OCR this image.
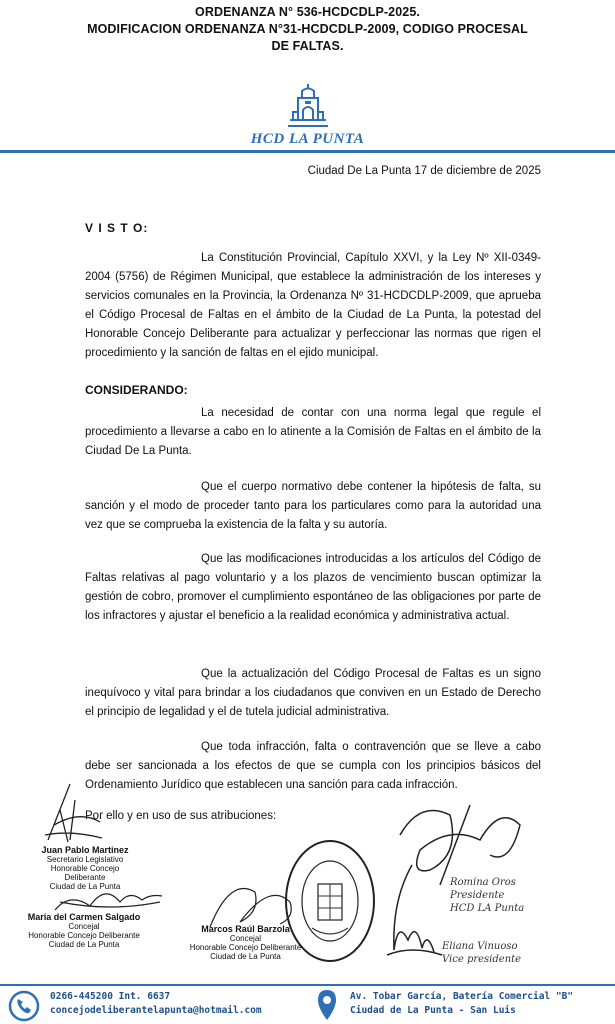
ORDENANZA N° 536-HCDCDLP-2025.
MODIFICACION ORDENANZA N°31-HCDCDLP-2009, CODIGO PROCESAL
DE FALTAS.
HCD LA PUNTA
Ciudad De La Punta 17 de diciembre de 2025
V I S T O:
La Constitución Provincial, Capítulo XXVI, y la Ley Nº XII-0349-2004 (5756) de Régimen Municipal, que establece la administración de los intereses y servicios comunales en la Provincia, la Ordenanza Nº 31-HCDCDLP-2009, que aprueba el Código Procesal de Faltas en el ámbito de la Ciudad de La Punta, la potestad del Honorable Concejo Deliberante para actualizar y perfeccionar las normas que rigen el procedimiento y la sanción de faltas en el ejido municipal.
CONSIDERANDO:
La necesidad de contar con una norma legal que regule el procedimiento a llevarse a cabo en lo atinente a la Comisión de Faltas en el ámbito de la Ciudad De La Punta.
Que el cuerpo normativo debe contener la hipótesis de falta, su sanción y el modo de proceder tanto para los particulares como para la autoridad una vez que se comprueba la existencia de la falta y su autoría.
Que las modificaciones introducidas a los artículos del Código de Faltas relativas al pago voluntario y a los plazos de vencimiento buscan optimizar la gestión de cobro, promover el cumplimiento espontáneo de las obligaciones por parte de los infractores y ajustar el beneficio a la realidad económica y administrativa actual.
Que la actualización del Código Procesal de Faltas es un signo inequívoco y vital para brindar a los ciudadanos que conviven en un Estado de Derecho el principio de legalidad y el de tutela judicial administrativa.
Que toda infracción, falta o contravención que se lleve a cabo debe ser sancionada a los efectos de que se cumpla con los principios básicos del Ordenamiento Jurídico que establecen una sanción para cada infracción.
Por ello y en uso de sus atribuciones:
Juan Pablo Martinez
Secretario Legislativo
Honorable Concejo Deliberante
Ciudad de La Punta
María del Carmen Salgado
Concejal
Honorable Concejo Deliberante
Ciudad de La Punta
Marcos Raúl Barzola
Concejal
Honorable Concejo Deliberante
Ciudad de La Punta
Romina Oros
Presidente
HCD LA Punta
Eliana Vinuoso
Vice presidente
0266-445200 Int. 6637
concejodeliberantelapunta@hotmail.com
Av. Tobar García, Batería Comercial "B"
Ciudad de La Punta - San Luis
